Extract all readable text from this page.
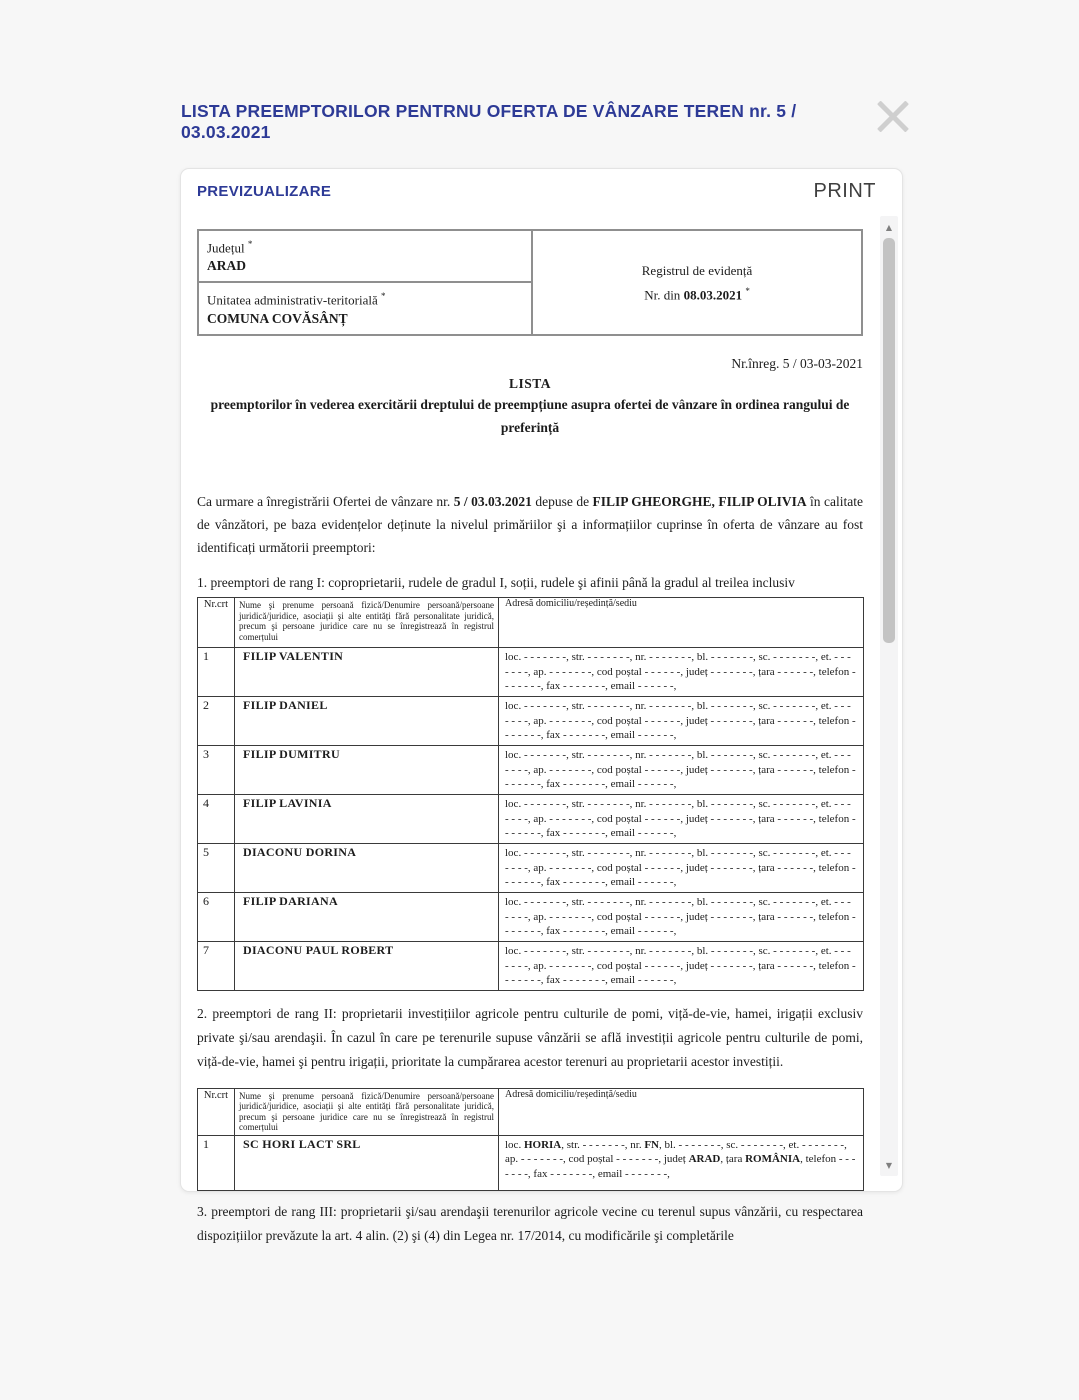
LISTA PREEMPTORILOR PENTRNU OFERTA DE VÂNZARE TEREN nr. 5 / 03.03.2021
PREVIZUALIZARE	PRINT
Județul *
ARAD	Registrul de evidență
Nr. din 08.03.2021 *

Unitatea administrativ-teritorială *
COMUNA COVĂSÂNȚ
Nr.înreg. 5 / 03-03-2021
LISTA
preemptorilor în vederea exercitării dreptului de preempțiune asupra ofertei de vânzare în ordinea rangului de preferință

Ca urmare a înregistrării Ofertei de vânzare nr. 5 / 03.03.2021 depuse de FILIP GHEORGHE, FILIP OLIVIA în calitate de vânzători, pe baza evidențelor deținute la nivelul primăriilor şi a informațiilor cuprinse în oferta de vânzare au fost identificați următorii preemptori:

1. preemptori de rang I: coproprietarii, rudele de gradul I, soții, rudele şi afinii până la gradul al treilea inclusiv
Nr.crt	Nume şi prenume persoană fizică/Denumire persoană/persoane juridică/juridice, asociații şi alte entități fără personalitate juridică, precum şi persoane juridice care nu se înregistrează în registrul comerțului	Adresă domiciliu/reședință/sediu
1	FILIP VALENTIN	loc. - - - - - - -, str. - - - - - - -, nr. - - - - - - -, bl. - - - - - - -, sc. - - - - - - -, et. - - - - - - -, ap. - - - - - - -, cod poștal - - - - - -, județ - - - - - - -, țara - - - - - -, telefon - - - - - - -, fax - - - - - - -, email - - - - - -,
2	FILIP DANIEL	loc. - - - - - - -, str. - - - - - - -, nr. - - - - - - -, bl. - - - - - - -, sc. - - - - - - -, et. - - - - - - -, ap. - - - - - - -, cod poștal - - - - - -, județ - - - - - - -, țara - - - - - -, telefon - - - - - - -, fax - - - - - - -, email - - - - - -,
3	FILIP DUMITRU	loc. - - - - - - -, str. - - - - - - -, nr. - - - - - - -, bl. - - - - - - -, sc. - - - - - - -, et. - - - - - - -, ap. - - - - - - -, cod poștal - - - - - -, județ - - - - - - -, țara - - - - - -, telefon - - - - - - -, fax - - - - - - -, email - - - - - -,
4	FILIP LAVINIA	loc. - - - - - - -, str. - - - - - - -, nr. - - - - - - -, bl. - - - - - - -, sc. - - - - - - -, et. - - - - - - -, ap. - - - - - - -, cod poștal - - - - - -, județ - - - - - - -, țara - - - - - -, telefon - - - - - - -, fax - - - - - - -, email - - - - - -,
5	DIACONU DORINA	loc. - - - - - - -, str. - - - - - - -, nr. - - - - - - -, bl. - - - - - - -, sc. - - - - - - -, et. - - - - - - -, ap. - - - - - - -, cod poștal - - - - - -, județ - - - - - - -, țara - - - - - -, telefon - - - - - - -, fax - - - - - - -, email - - - - - -,
6	FILIP DARIANA	loc. - - - - - - -, str. - - - - - - -, nr. - - - - - - -, bl. - - - - - - -, sc. - - - - - - -, et. - - - - - - -, ap. - - - - - - -, cod poștal - - - - - -, județ - - - - - - -, țara - - - - - -, telefon - - - - - - -, fax - - - - - - -, email - - - - - -,
7	DIACONU PAUL ROBERT	loc. - - - - - - -, str. - - - - - - -, nr. - - - - - - -, bl. - - - - - - -, sc. - - - - - - -, et. - - - - - - -, ap. - - - - - - -, cod poștal - - - - - -, județ - - - - - - -, țara - - - - - -, telefon - - - - - - -, fax - - - - - - -, email - - - - - -,

2. preemptori de rang II: proprietarii investițiilor agricole pentru culturile de pomi, viță-de-vie, hamei, irigații exclusiv private şi/sau arendaşii. În cazul în care pe terenurile supuse vânzării se află investiții agricole pentru culturile de pomi, viță-de-vie, hamei şi pentru irigații, prioritate la cumpărarea acestor terenuri au proprietarii acestor investiții.

Nr.crt	Nume şi prenume persoană fizică/Denumire persoană/persoane juridică/juridice, asociații şi alte entități fără personalitate juridică, precum şi persoane juridice care nu se înregistrează în registrul comerțului	Adresă domiciliu/reședință/sediu
1	SC HORI LACT SRL	loc. HORIA, str. - - - - - - -, nr. FN, bl. - - - - - - -, sc. - - - - - - -, et. - - - - - - -, ap. - - - - - - -, cod poștal - - - - - - -, județ ARAD, țara ROMÂNIA, telefon - - - - - - -, fax - - - - - - -, email - - - - - - -,

3. preemptori de rang III: proprietarii şi/sau arendaşii terenurilor agricole vecine cu terenul supus vânzării, cu respectarea dispozițiilor prevăzute la art. 4 alin. (2) şi (4) din Legea nr. 17/2014, cu modificările şi completările

▲
▼
